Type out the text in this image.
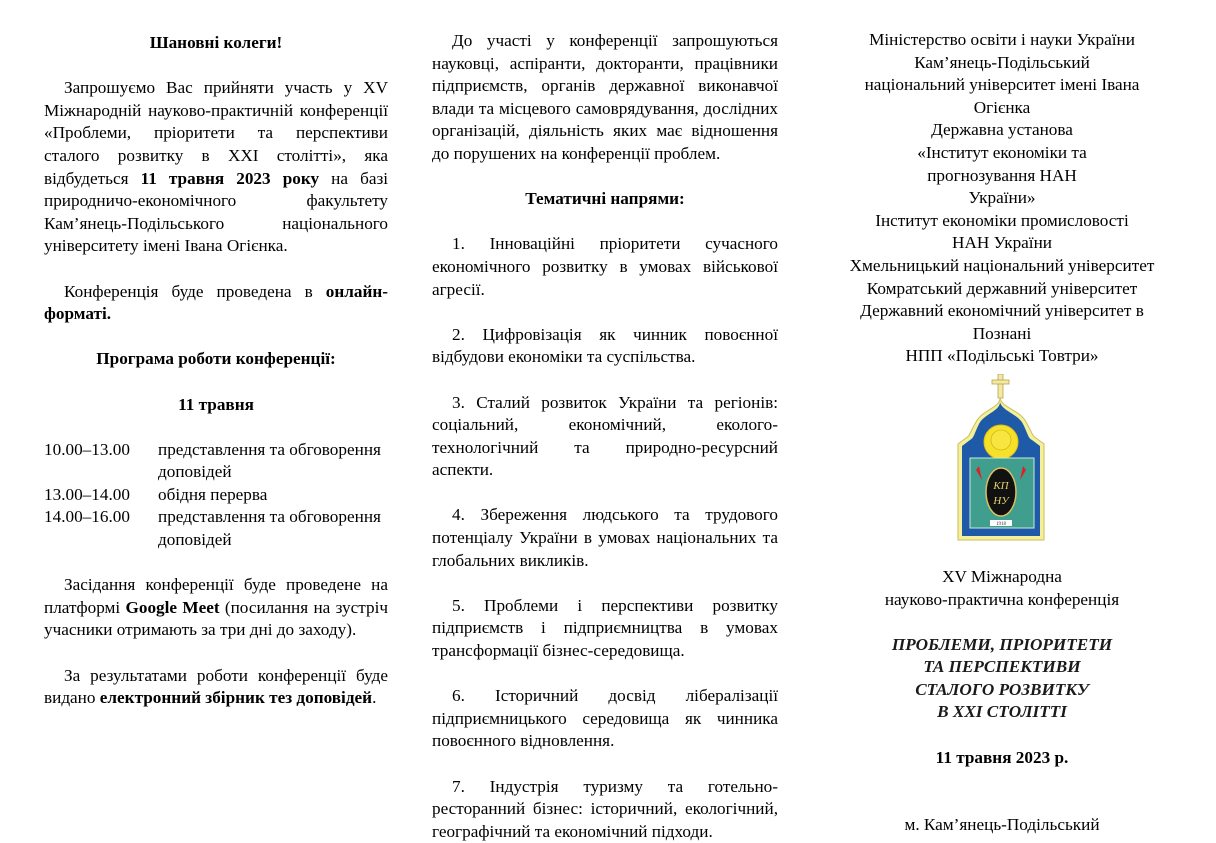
Шановні колеги!

Запрошуємо Вас прийняти участь у XV Міжнародній науково-практичній конференції «Проблеми, пріоритети та перспективи сталого розвитку в XXI столітті», яка відбудеться 11 травня 2023 року на базі природничо-економічного факультету Кам’янець-Подільського національного університету імені Івана Огієнка.

Конференція буде проведена в онлайн-форматі.

Програма роботи конференції:

11 травня

10.00–13.00	представлення та обговорення доповідей
13.00–14.00	обідня перерва
14.00–16.00	представлення та обговорення доповідей

Засідання конференції буде проведене на платформі Google Meet (посилання на зустріч учасники отримають за три дні до заходу).

За результатами роботи конференції буде видано електронний збірник тез доповідей.

До участі у конференції запрошуються науковці, аспіранти, докторанти, працівники підприємств, органів державної виконавчої влади та місцевого самоврядування, дослідних організацій, діяльність яких має відношення до порушених на конференції проблем.

Тематичні напрями:

1. Інноваційні пріоритети сучасного економічного розвитку в умовах військової агресії.

2. Цифровізація як чинник повоєнної відбудови економіки та суспільства.

3. Сталий розвиток України та регіонів: соціальний, економічний, еколого-технологічний та природно-ресурсний аспекти.

4. Збереження людського та трудового потенціалу України в умовах національних та глобальних викликів.

5. Проблеми і перспективи розвитку підприємств і підприємництва в умовах трансформації бізнес-середовища.

6. Історичний досвід лібералізації підприємницького середовища як чинника повоєнного відновлення.

7. Індустрія туризму та готельно-ресторанний бізнес: історичний, екологічний, географічний та економічний підходи.

Міністерство освіти і науки України
Кам’янець-Подільський національний університет імені Івана Огієнка
Державна установа
«Інститут економіки та прогнозування НАН України»
Інститут економіки промисловості
НАН України
Хмельницький національний університет
Комратський державний університет
Державний економічний університет в Познані
НПП «Подільські Товтри»
КП
НУ
1918
XV Міжнародна
науково-практична конференція
ПРОБЛЕМИ, ПРІОРИТЕТИ
ТА ПЕРСПЕКТИВИ
СТАЛОГО РОЗВИТКУ
В XXI СТОЛІТТІ
11 травня 2023 р.
м. Кам’янець-Подільський
